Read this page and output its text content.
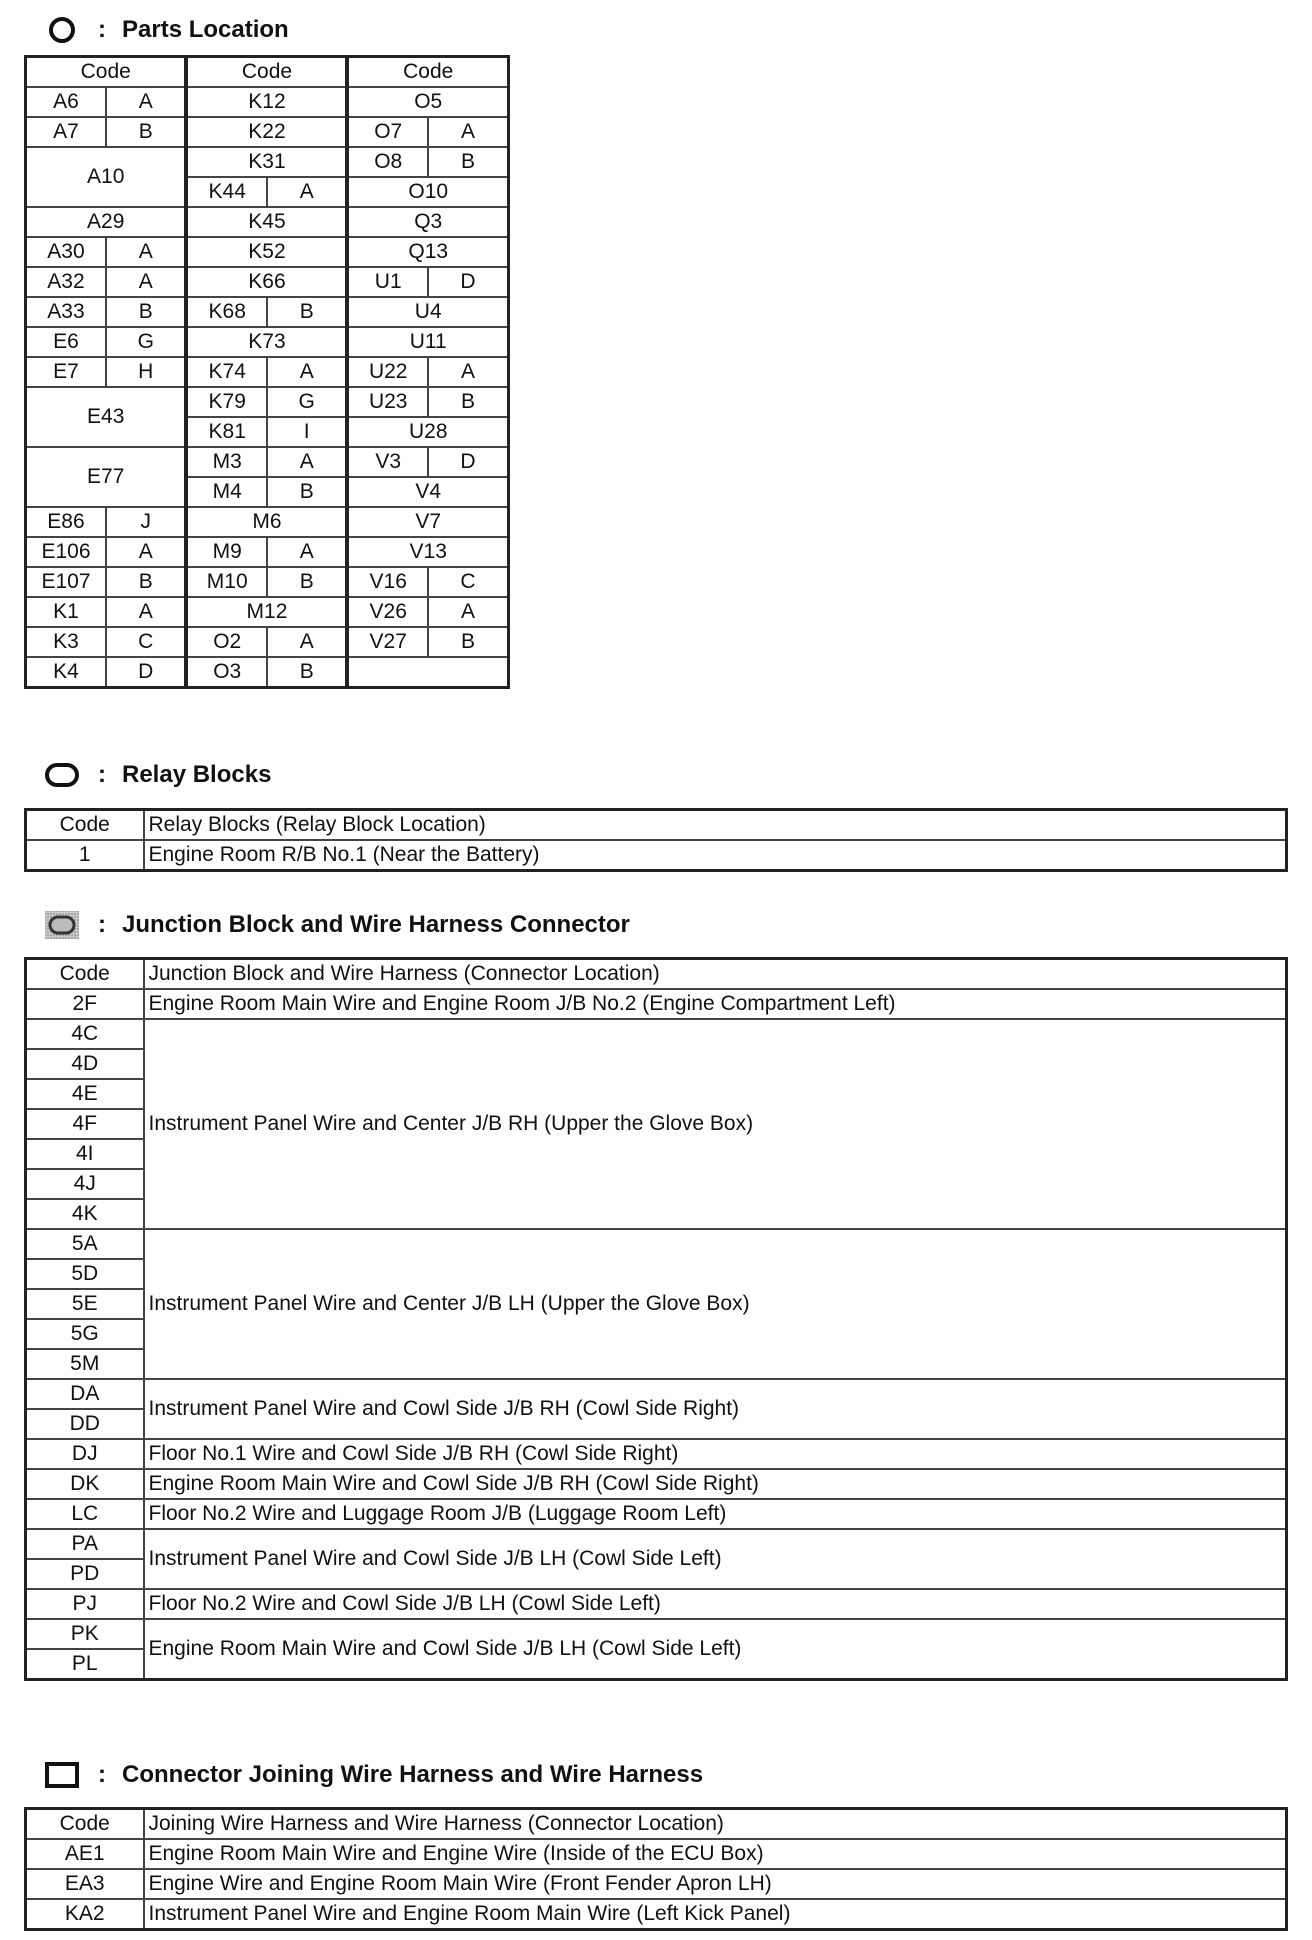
: Parts Location
Code		Code		Code	
A6	A	K12		O5	
A7	B	K22		O7	A
A10		K31		O8	B
		K44	A	O10	
A29		K45		Q3	
A30	A	K52		Q13	
A32	A	K66		U1	D
A33	B	K68	B	U4	
E6	G	K73		U11	
E7	H	K74	A	U22	A
E43		K79	G	U23	B
		K81	I	U28	
E77		M3	A	V3	D
		M4	B	V4	
E86	J	M6		V7	
E106	A	M9	A	V13	
E107	B	M10	B	V16	C
K1	A	M12		V26	A
K3	C	O2	A	V27	B
K4	D	O3	B		
: Relay Blocks
Code	Relay Blocks (Relay Block Location)
1	Engine Room R/B No.1 (Near the Battery)
: Junction Block and Wire Harness Connector
Code	Junction Block and Wire Harness (Connector Location)
2F	Engine Room Main Wire and Engine Room J/B No.2 (Engine Compartment Left)
4C	Instrument Panel Wire and Center J/B RH (Upper the Glove Box)
4D	
4E	
4F	
4I	
4J	
4K	
5A	Instrument Panel Wire and Center J/B LH (Upper the Glove Box)
5D	
5E	
5G	
5M	
DA	Instrument Panel Wire and Cowl Side J/B RH (Cowl Side Right)
DD	
DJ	Floor No.1 Wire and Cowl Side J/B RH (Cowl Side Right)
DK	Engine Room Main Wire and Cowl Side J/B RH (Cowl Side Right)
LC	Floor No.2 Wire and Luggage Room J/B (Luggage Room Left)
PA	Instrument Panel Wire and Cowl Side J/B LH (Cowl Side Left)
PD	
PJ	Floor No.2 Wire and Cowl Side J/B LH (Cowl Side Left)
PK	Engine Room Main Wire and Cowl Side J/B LH (Cowl Side Left)
PL	
: Connector Joining Wire Harness and Wire Harness
Code	Joining Wire Harness and Wire Harness (Connector Location)
AE1	Engine Room Main Wire and Engine Wire (Inside of the ECU Box)
EA3	Engine Wire and Engine Room Main Wire (Front Fender Apron LH)
KA2	Instrument Panel Wire and Engine Room Main Wire (Left Kick Panel)
